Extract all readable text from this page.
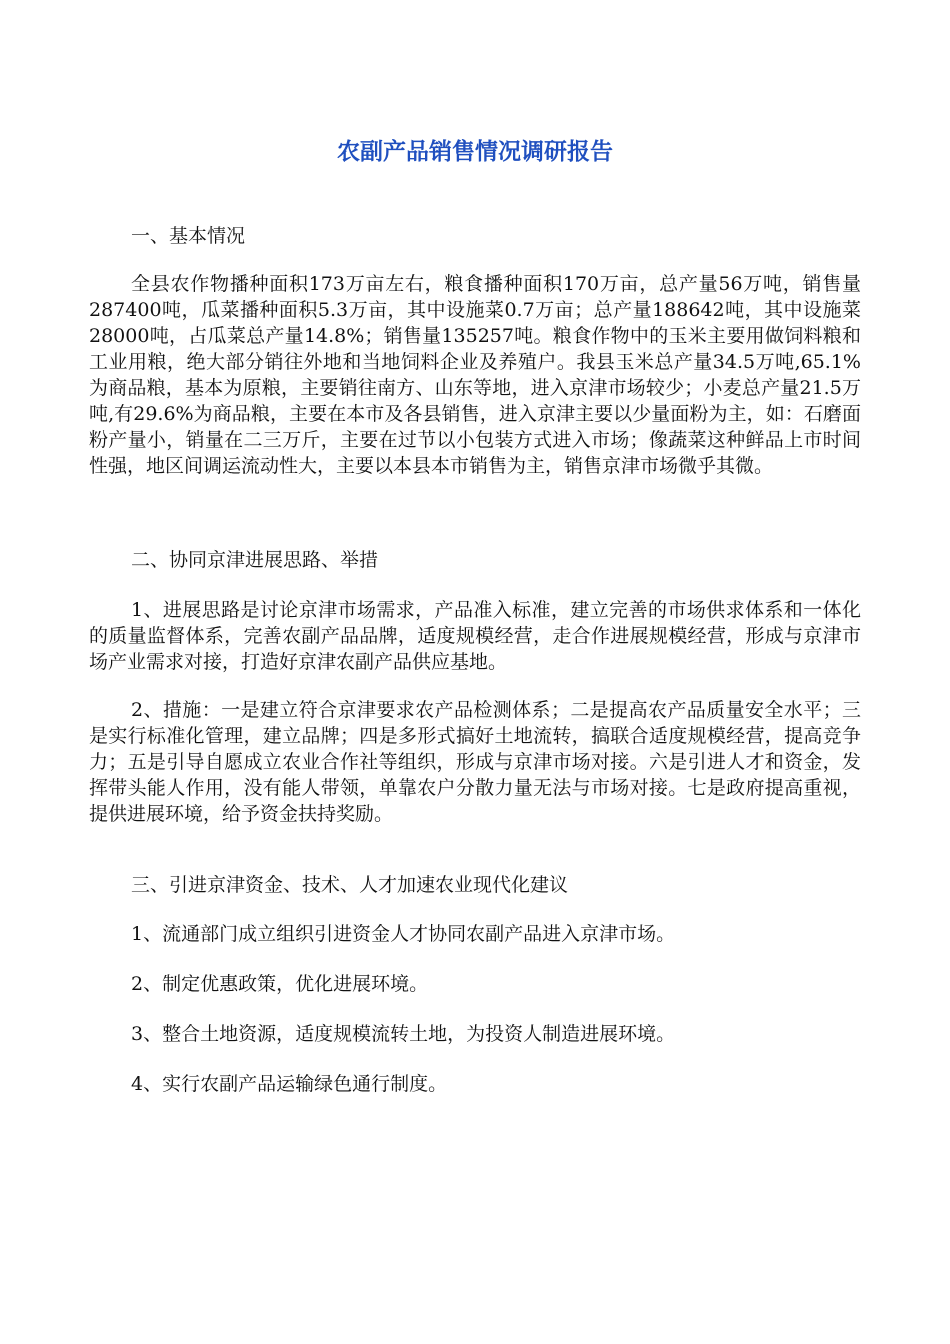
农副产品销售情况调研报告

一、基本情况

全县农作物播种面积173万亩左右，粮食播种面积170万亩，总产量56万吨，销售量287400吨，瓜菜播种面积5.3万亩，其中设施菜0.7万亩；总产量188642吨，其中设施菜28000吨，占瓜菜总产量14.8%；销售量135257吨。粮食作物中的玉米主要用做饲料粮和工业用粮，绝大部分销往外地和当地饲料企业及养殖户。我县玉米总产量34.5万吨,65.1%为商品粮，基本为原粮，主要销往南方、山东等地，进入京津市场较少；小麦总产量21.5万吨,有29.6%为商品粮，主要在本市及各县销售，进入京津主要以少量面粉为主，如：石磨面粉产量小，销量在二三万斤，主要在过节以小包装方式进入市场；像蔬菜这种鲜品上市时间性强，地区间调运流动性大，主要以本县本市销售为主，销售京津市场微乎其微。

二、协同京津进展思路、举措

1、进展思路是讨论京津市场需求，产品准入标准，建立完善的市场供求体系和一体化的质量监督体系，完善农副产品品牌，适度规模经营，走合作进展规模经营，形成与京津市场产业需求对接，打造好京津农副产品供应基地。

2、措施：一是建立符合京津要求农产品检测体系；二是提高农产品质量安全水平；三是实行标准化管理，建立品牌；四是多形式搞好土地流转，搞联合适度规模经营，提高竞争力；五是引导自愿成立农业合作社等组织，形成与京津市场对接。六是引进人才和资金，发挥带头能人作用，没有能人带领，单靠农户分散力量无法与市场对接。七是政府提高重视，提供进展环境，给予资金扶持奖励。

三、引进京津资金、技术、人才加速农业现代化建议

1、流通部门成立组织引进资金人才协同农副产品进入京津市场。

2、制定优惠政策，优化进展环境。

3、整合土地资源，适度规模流转土地，为投资人制造进展环境。

4、实行农副产品运输绿色通行制度。
